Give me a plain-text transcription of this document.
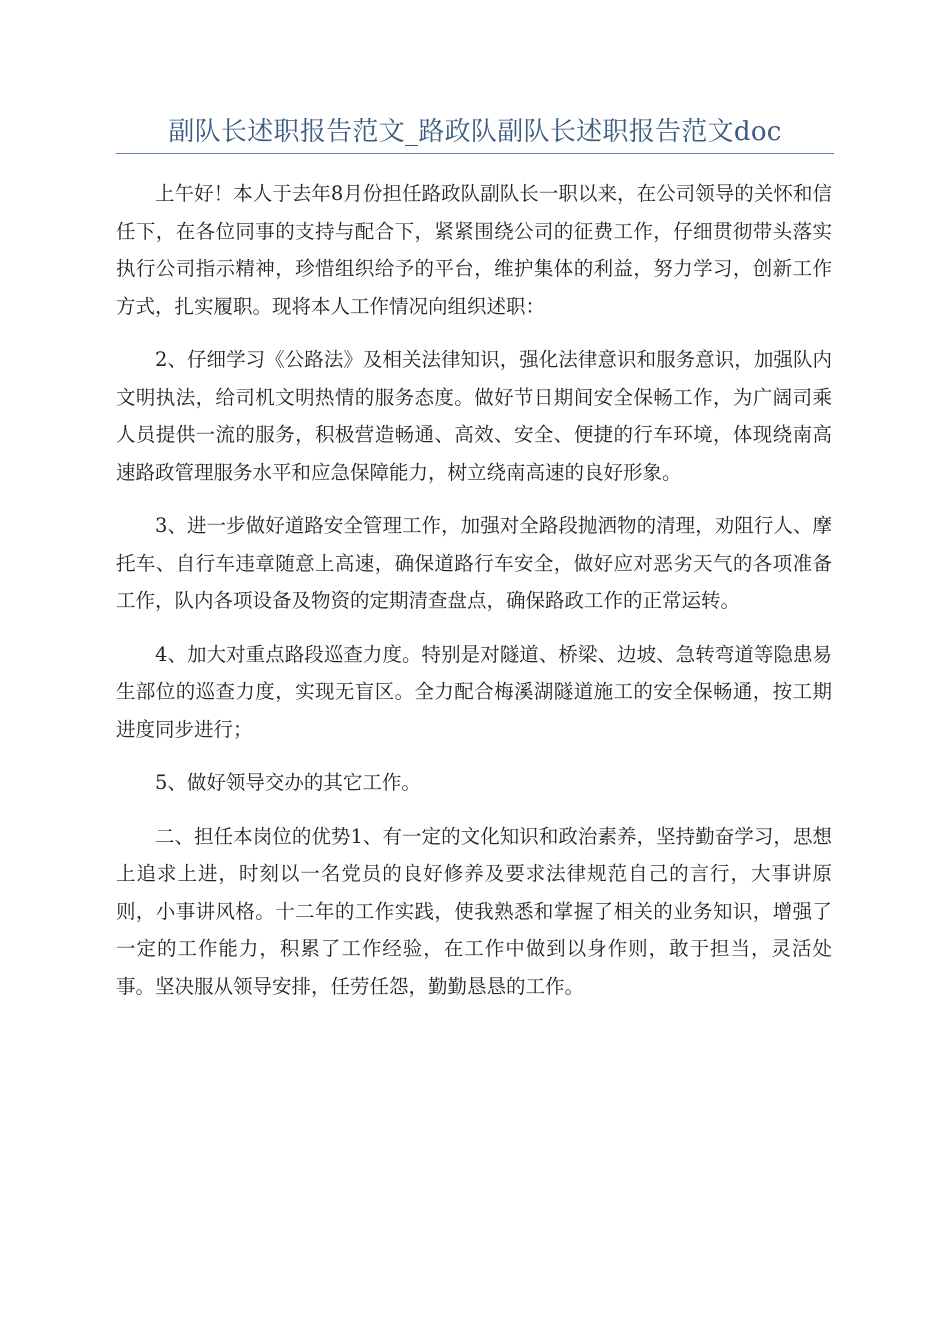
副队长述职报告范文_路政队副队长述职报告范文doc

上午好！本人于去年8月份担任路政队副队长一职以来，在公司领导的关怀和信任下，在各位同事的支持与配合下，紧紧围绕公司的征费工作，仔细贯彻带头落实执行公司指示精神，珍惜组织给予的平台，维护集体的利益，努力学习，创新工作方式，扎实履职。现将本人工作情况向组织述职：

2、仔细学习《公路法》及相关法律知识，强化法律意识和服务意识，加强队内文明执法，给司机文明热情的服务态度。做好节日期间安全保畅工作，为广阔司乘人员提供一流的服务，积极营造畅通、高效、安全、便捷的行车环境，体现绕南高速路政管理服务水平和应急保障能力，树立绕南高速的良好形象。

3、进一步做好道路安全管理工作，加强对全路段抛洒物的清理，劝阻行人、摩托车、自行车违章随意上高速，确保道路行车安全，做好应对恶劣天气的各项准备工作，队内各项设备及物资的定期清查盘点，确保路政工作的正常运转。

4、加大对重点路段巡查力度。特别是对隧道、桥梁、边坡、急转弯道等隐患易生部位的巡查力度，实现无盲区。全力配合梅溪湖隧道施工的安全保畅通，按工期进度同步进行；

5、做好领导交办的其它工作。

二、担任本岗位的优势1、有一定的文化知识和政治素养，坚持勤奋学习，思想上追求上进，时刻以一名党员的良好修养及要求法律规范自己的言行，大事讲原则，小事讲风格。十二年的工作实践，使我熟悉和掌握了相关的业务知识，增强了一定的工作能力，积累了工作经验，在工作中做到以身作则，敢于担当，灵活处事。坚决服从领导安排，任劳任怨，勤勤恳恳的工作。
